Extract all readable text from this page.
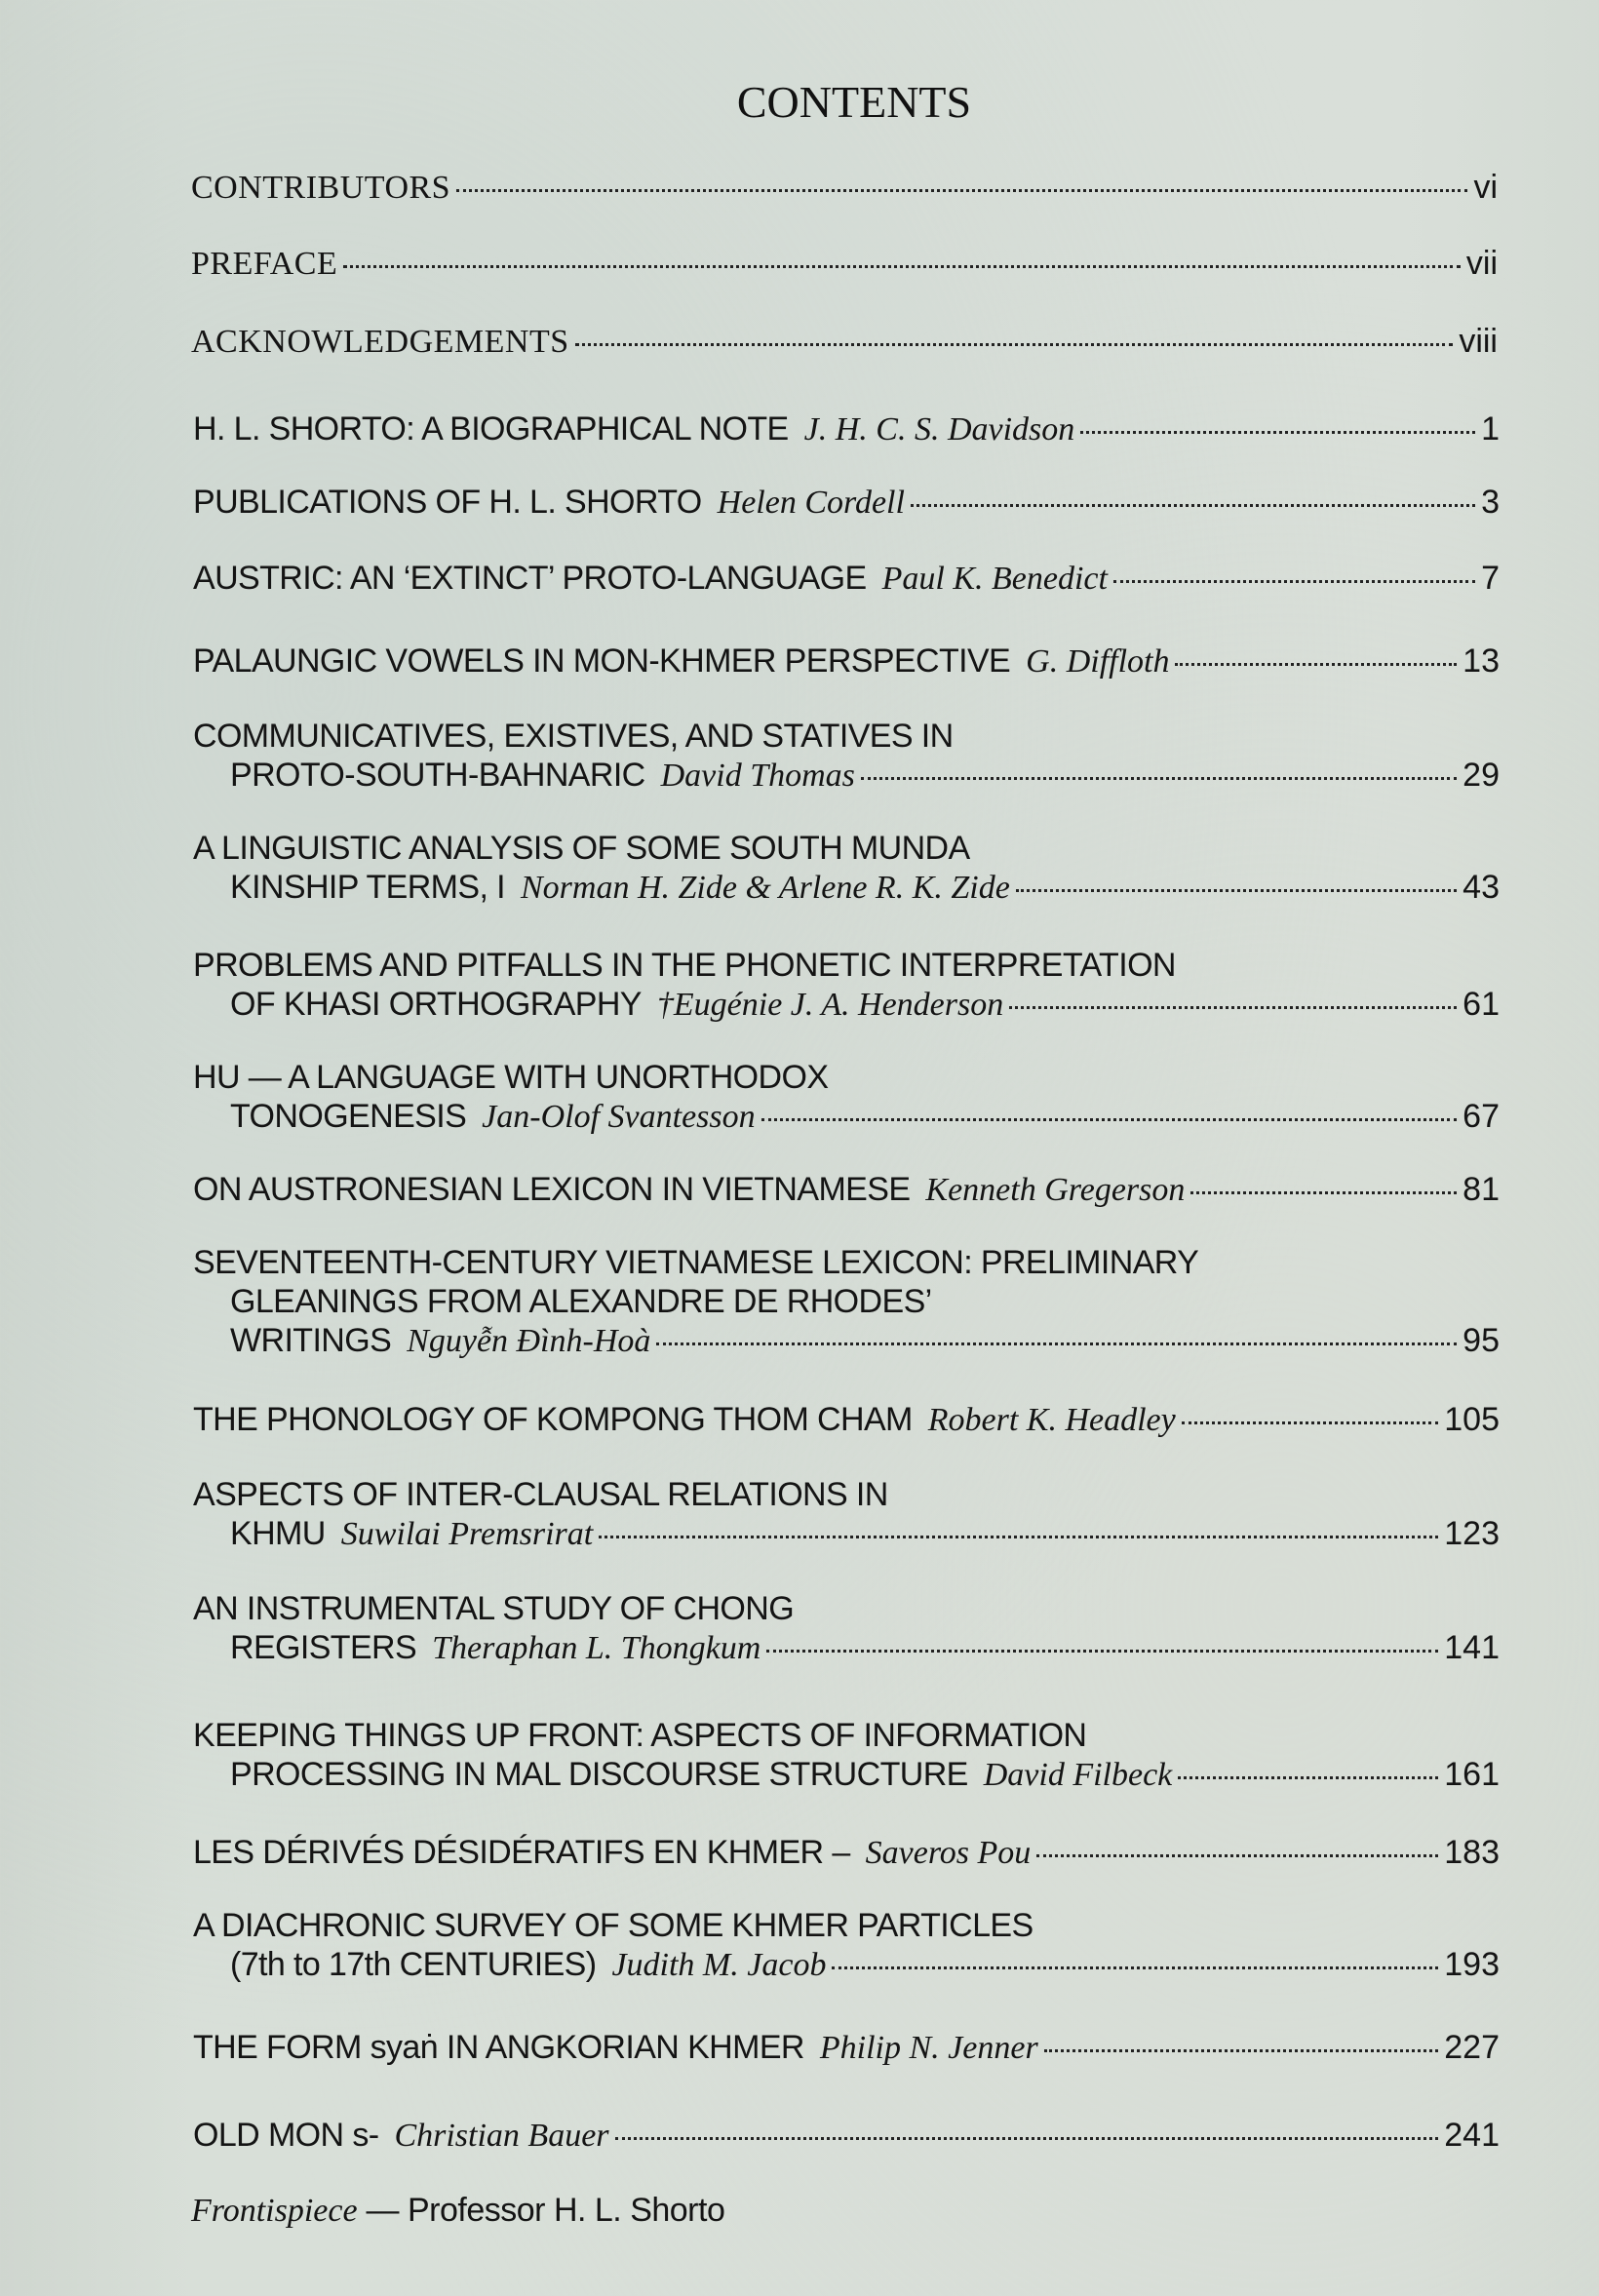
CONTENTS
CONTRIBUTORS	vi
PREFACE	vii
ACKNOWLEDGEMENTS	viii
H. L. SHORTO: A BIOGRAPHICAL NOTE J. H. C. S. Davidson	1
PUBLICATIONS OF H. L. SHORTO Helen Cordell	3
AUSTRIC: AN ‘EXTINCT’ PROTO-LANGUAGE Paul K. Benedict	7
PALAUNGIC VOWELS IN MON-KHMER PERSPECTIVE G. Diffloth	13
COMMUNICATIVES, EXISTIVES, AND STATIVES IN
PROTO-SOUTH-BAHNARIC David Thomas	29
A LINGUISTIC ANALYSIS OF SOME SOUTH MUNDA
KINSHIP TERMS, I Norman H. Zide & Arlene R. K. Zide	43
PROBLEMS AND PITFALLS IN THE PHONETIC INTERPRETATION
OF KHASI ORTHOGRAPHY †Eugénie J. A. Henderson	61
HU — A LANGUAGE WITH UNORTHODOX
TONOGENESIS Jan-Olof Svantesson	67
ON AUSTRONESIAN LEXICON IN VIETNAMESE Kenneth Gregerson	81
SEVENTEENTH-CENTURY VIETNAMESE LEXICON: PRELIMINARY
GLEANINGS FROM ALEXANDRE DE RHODES’
WRITINGS Nguyễn Đình-Hoà	95
THE PHONOLOGY OF KOMPONG THOM CHAM Robert K. Headley	105
ASPECTS OF INTER-CLAUSAL RELATIONS IN
KHMU Suwilai Premsrirat	123
AN INSTRUMENTAL STUDY OF CHONG
REGISTERS Theraphan L. Thongkum	141
KEEPING THINGS UP FRONT: ASPECTS OF INFORMATION
PROCESSING IN MAL DISCOURSE STRUCTURE David Filbeck	161
LES DÉRIVÉS DÉSIDÉRATIFS EN KHMER – Saveros Pou	183
A DIACHRONIC SURVEY OF SOME KHMER PARTICLES
(7th to 17th CENTURIES) Judith M. Jacob	193
THE FORM syaṅ IN ANGKORIAN KHMER Philip N. Jenner	227
OLD MON s- Christian Bauer	241
Frontispiece — Professor H. L. Shorto
